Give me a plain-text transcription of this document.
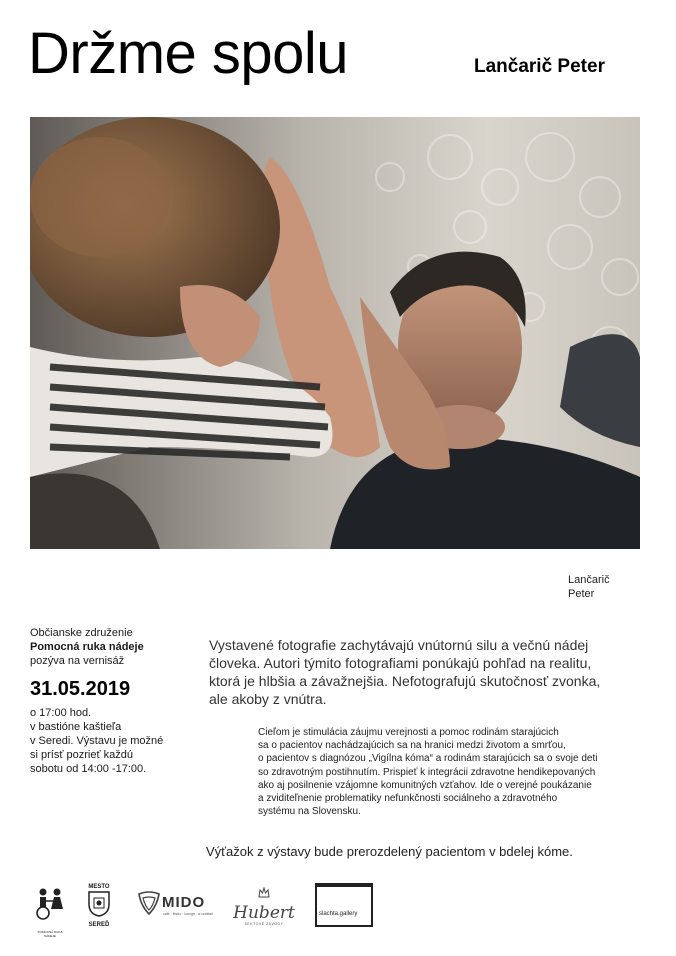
Držme spolu	Lančarič Peter
Lančarič
Peter
Občianske združenie
Pomocná ruka nádeje
pozýva na vernisáž
31.05.2019
o 17:00 hod.
v bastióne kaštieľa
v Seredi. Výstavu je možné
si prísť pozrieť každú
sobotu od 14:00 -17:00.
Vystavené fotografie zachytávajú vnútornú silu a večnú nádej
človeka. Autori týmito fotografiami ponúkajú pohľad na realitu,
ktorá je hlbšia a závažnejšia. Nefotografujú skutočnosť zvonka,
ale akoby z vnútra.
Cieľom je stimulácia záujmu verejnosti a pomoc rodinám starajúcich
sa o pacientov nachádzajúcich sa na hranici medzi životom a smrťou,
o pacientov s diagnózou „Vigílna kóma“ a rodinám starajúcich sa o svoje deti
so zdravotným postihnutím. Prispieť k integrácii zdravotne hendikepovaných
ako aj posilnenie vzájomne komunitných vzťahov. Ide o verejné poukázanie
a zviditeľnenie problematiky nefunkčnosti sociálneho a zdravotného
systému na Slovensku.
Výťažok z výstavy bude prerozdelený pacientom v bdelej kóme.
POMOCNÁ RUKA NÁDEJE
MESTO
SEREĎ
MIDO
café · bistro · lounge · a·cocktail Hubert
SEKTOVÉ ZÁVODY
slachta.gallery
